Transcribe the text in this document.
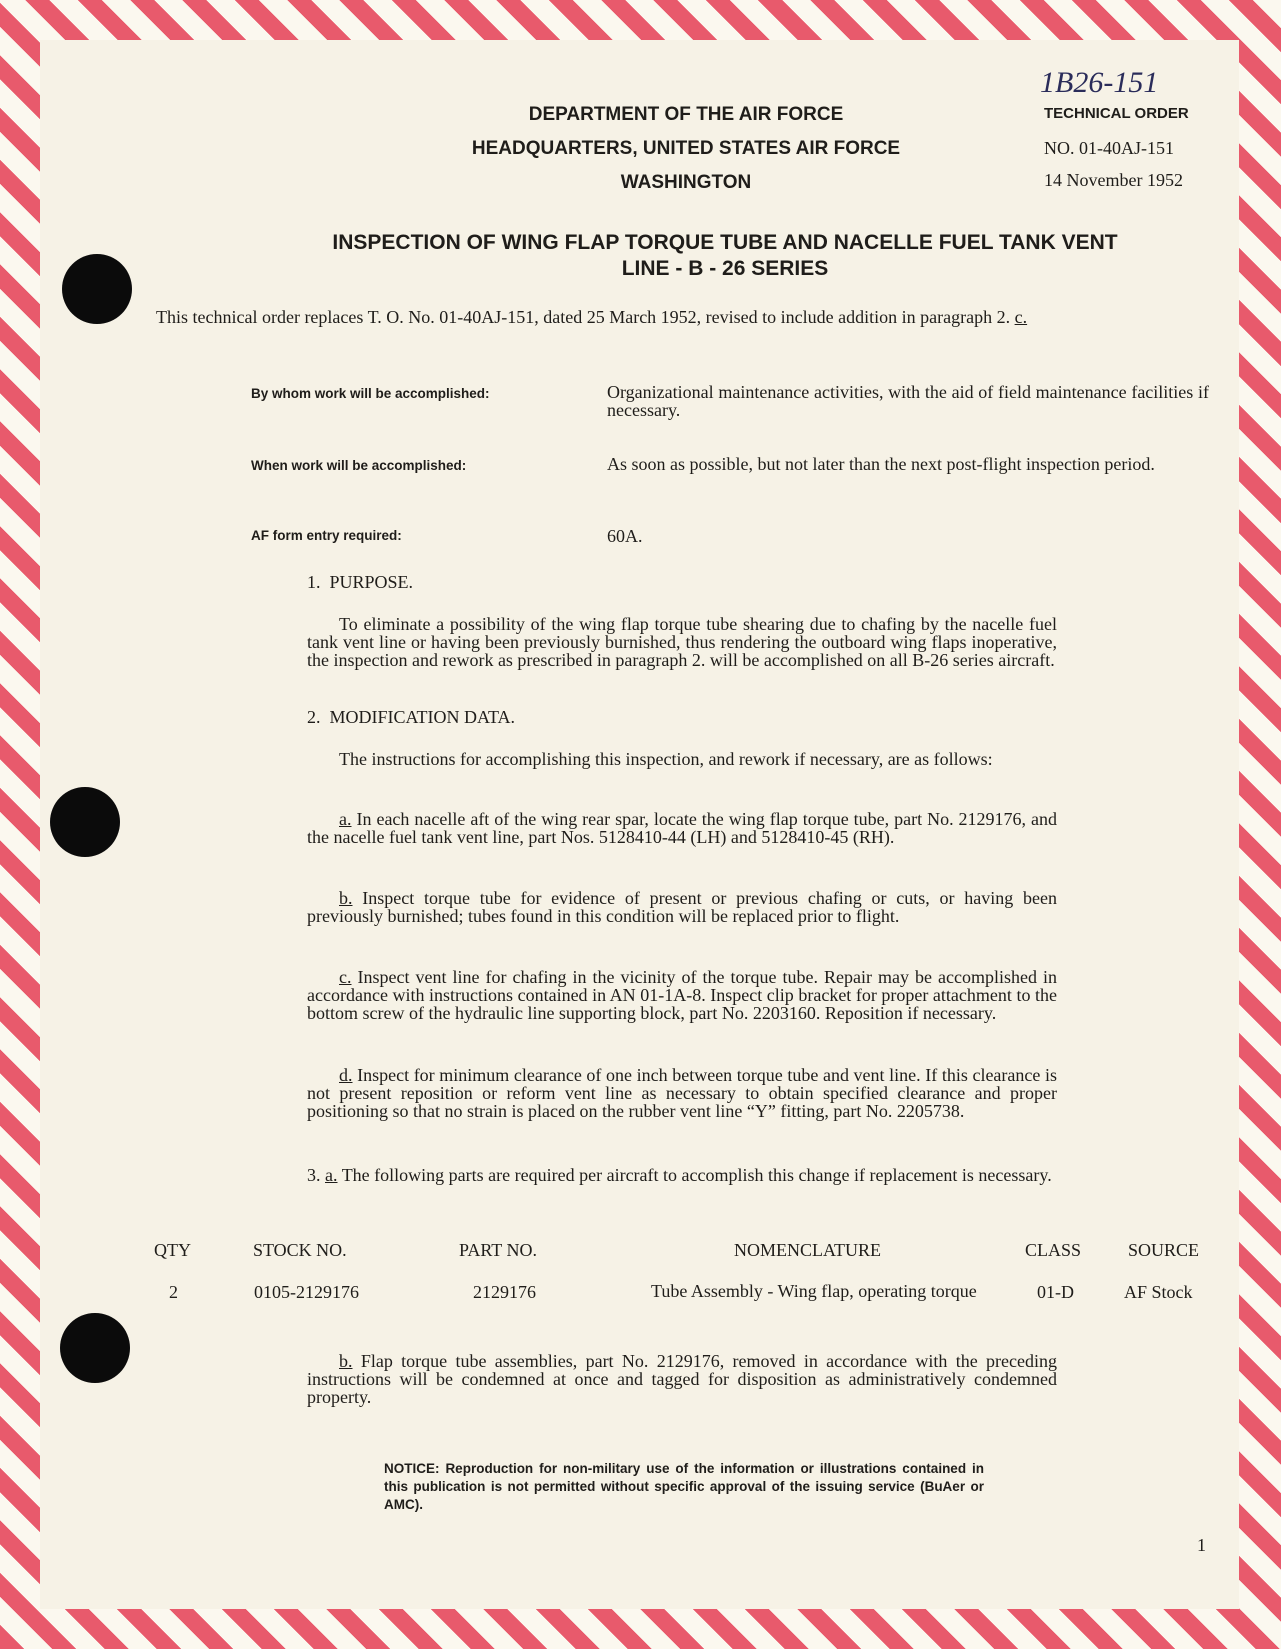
1B26-151
DEPARTMENT OF THE AIR FORCE
HEADQUARTERS, UNITED STATES AIR FORCE
WASHINGTON
TECHNICAL ORDER
NO. 01-40AJ-151
14 November 1952
INSPECTION OF WING FLAP TORQUE TUBE AND NACELLE FUEL TANK VENT
LINE - B - 26 SERIES
This technical order replaces T. O. No. 01-40AJ-151, dated 25 March 1952, revised to include addition in paragraph 2. c.
By whom work will be accomplished:	Organizational maintenance activities, with the aid of field maintenance facilities if necessary.
When work will be accomplished:	As soon as possible, but not later than the next post-flight inspection period.
AF form entry required:	60A.
1.  PURPOSE.
To eliminate a possibility of the wing flap torque tube shearing due to chafing by the nacelle fuel tank vent line or having been previously burnished, thus rendering the outboard wing flaps inoperative, the inspection and rework as prescribed in paragraph 2. will be accomplished on all B-26 series aircraft.
2.  MODIFICATION DATA.
The instructions for accomplishing this inspection, and rework if necessary, are as follows:
a. In each nacelle aft of the wing rear spar, locate the wing flap torque tube, part No. 2129176, and the nacelle fuel tank vent line, part Nos. 5128410-44 (LH) and 5128410-45 (RH).
b. Inspect torque tube for evidence of present or previous chafing or cuts, or having been previously burnished; tubes found in this condition will be replaced prior to flight.
c. Inspect vent line for chafing in the vicinity of the torque tube. Repair may be accomplished in accordance with instructions contained in AN 01-1A-8. Inspect clip bracket for proper attachment to the bottom screw of the hydraulic line supporting block, part No. 2203160. Reposition if necessary.
d. Inspect for minimum clearance of one inch between torque tube and vent line. If this clearance is not present reposition or reform vent line as necessary to obtain specified clearance and proper positioning so that no strain is placed on the rubber vent line “Y” fitting, part No. 2205738.
3. a. The following parts are required per aircraft to accomplish this change if replacement is necessary.
QTY	STOCK NO.	PART NO.	NOMENCLATURE	CLASS	SOURCE
2	0105-2129176	2129176	Tube Assembly - Wing flap, operating torque	01-D	AF Stock
b. Flap torque tube assemblies, part No. 2129176, removed in accordance with the preceding instructions will be condemned at once and tagged for disposition as administratively condemned property.
NOTICE: Reproduction for non-military use of the information or illustrations contained in this publication is not permitted without specific approval of the issuing service (BuAer or AMC).
1
